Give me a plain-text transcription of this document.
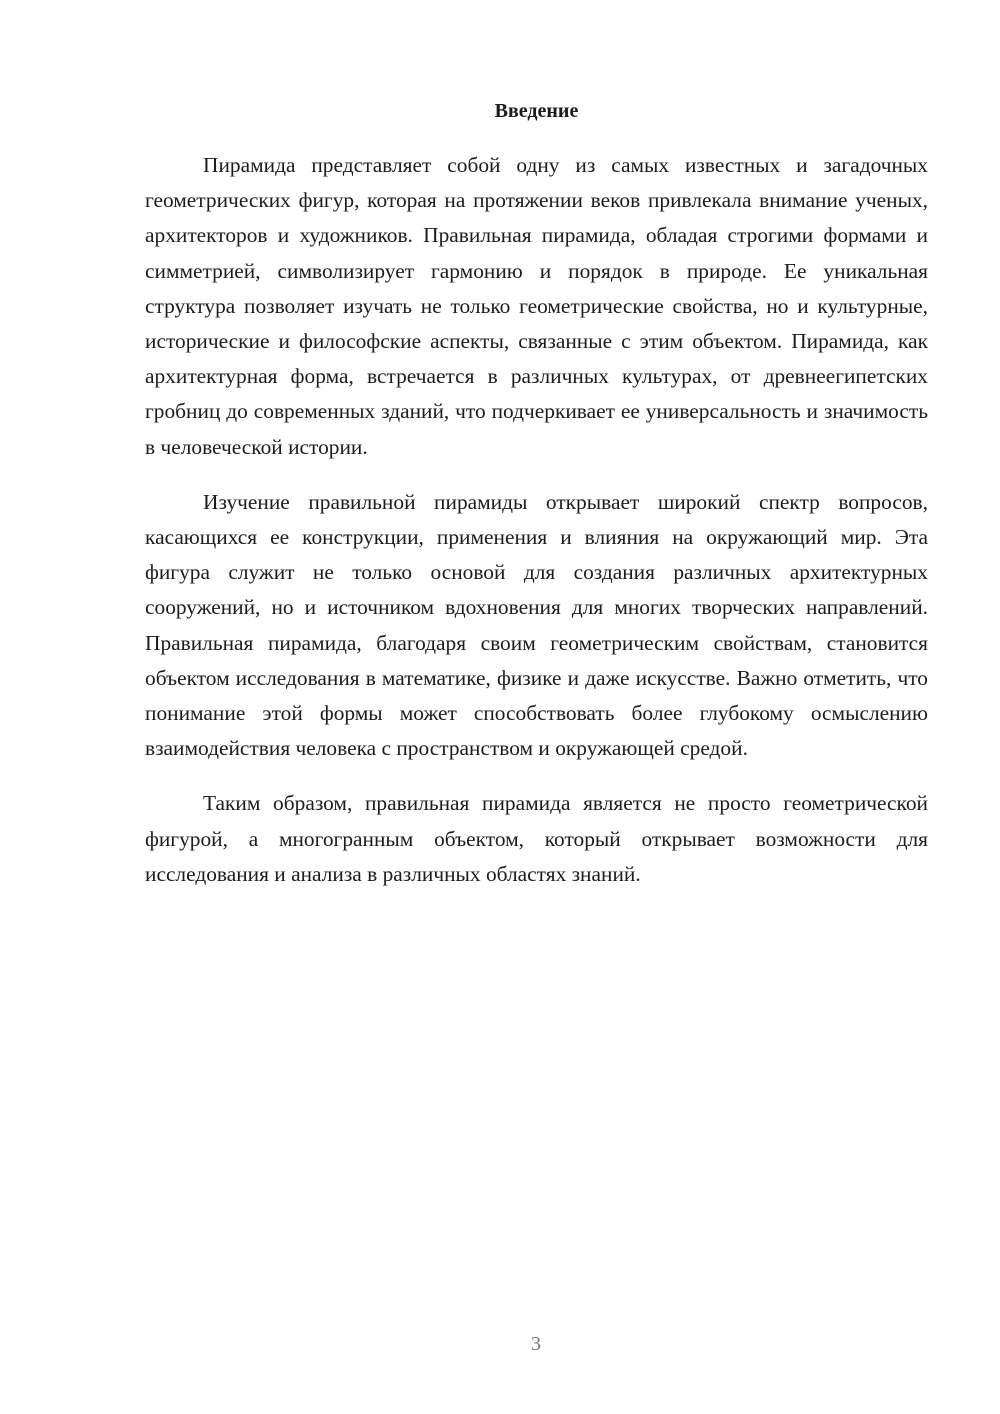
Введение

Пирамида представляет собой одну из самых известных и загадочных геометрических фигур, которая на протяжении веков привлекала внимание ученых, архитекторов и художников. Правильная пирамида, обладая строгими формами и симметрией, символизирует гармонию и порядок в природе. Ее уникальная структура позволяет изучать не только геометрические свойства, но и культурные, исторические и философские аспекты, связанные с этим объектом. Пирамида, как архитектурная форма, встречается в различных культурах, от древнеегипетских гробниц до современных зданий, что подчеркивает ее универсальность и значимость в человеческой истории.

Изучение правильной пирамиды открывает широкий спектр вопросов, касающихся ее конструкции, применения и влияния на окружающий мир. Эта фигура служит не только основой для создания различных архитектурных сооружений, но и источником вдохновения для многих творческих направлений. Правильная пирамида, благодаря своим геометрическим свойствам, становится объектом исследования в математике, физике и даже искусстве. Важно отметить, что понимание этой формы может способствовать более глубокому осмыслению взаимодействия человека с пространством и окружающей средой.

Таким образом, правильная пирамида является не просто геометрической фигурой, а многогранным объектом, который открывает возможности для исследования и анализа в различных областях знаний.

3
